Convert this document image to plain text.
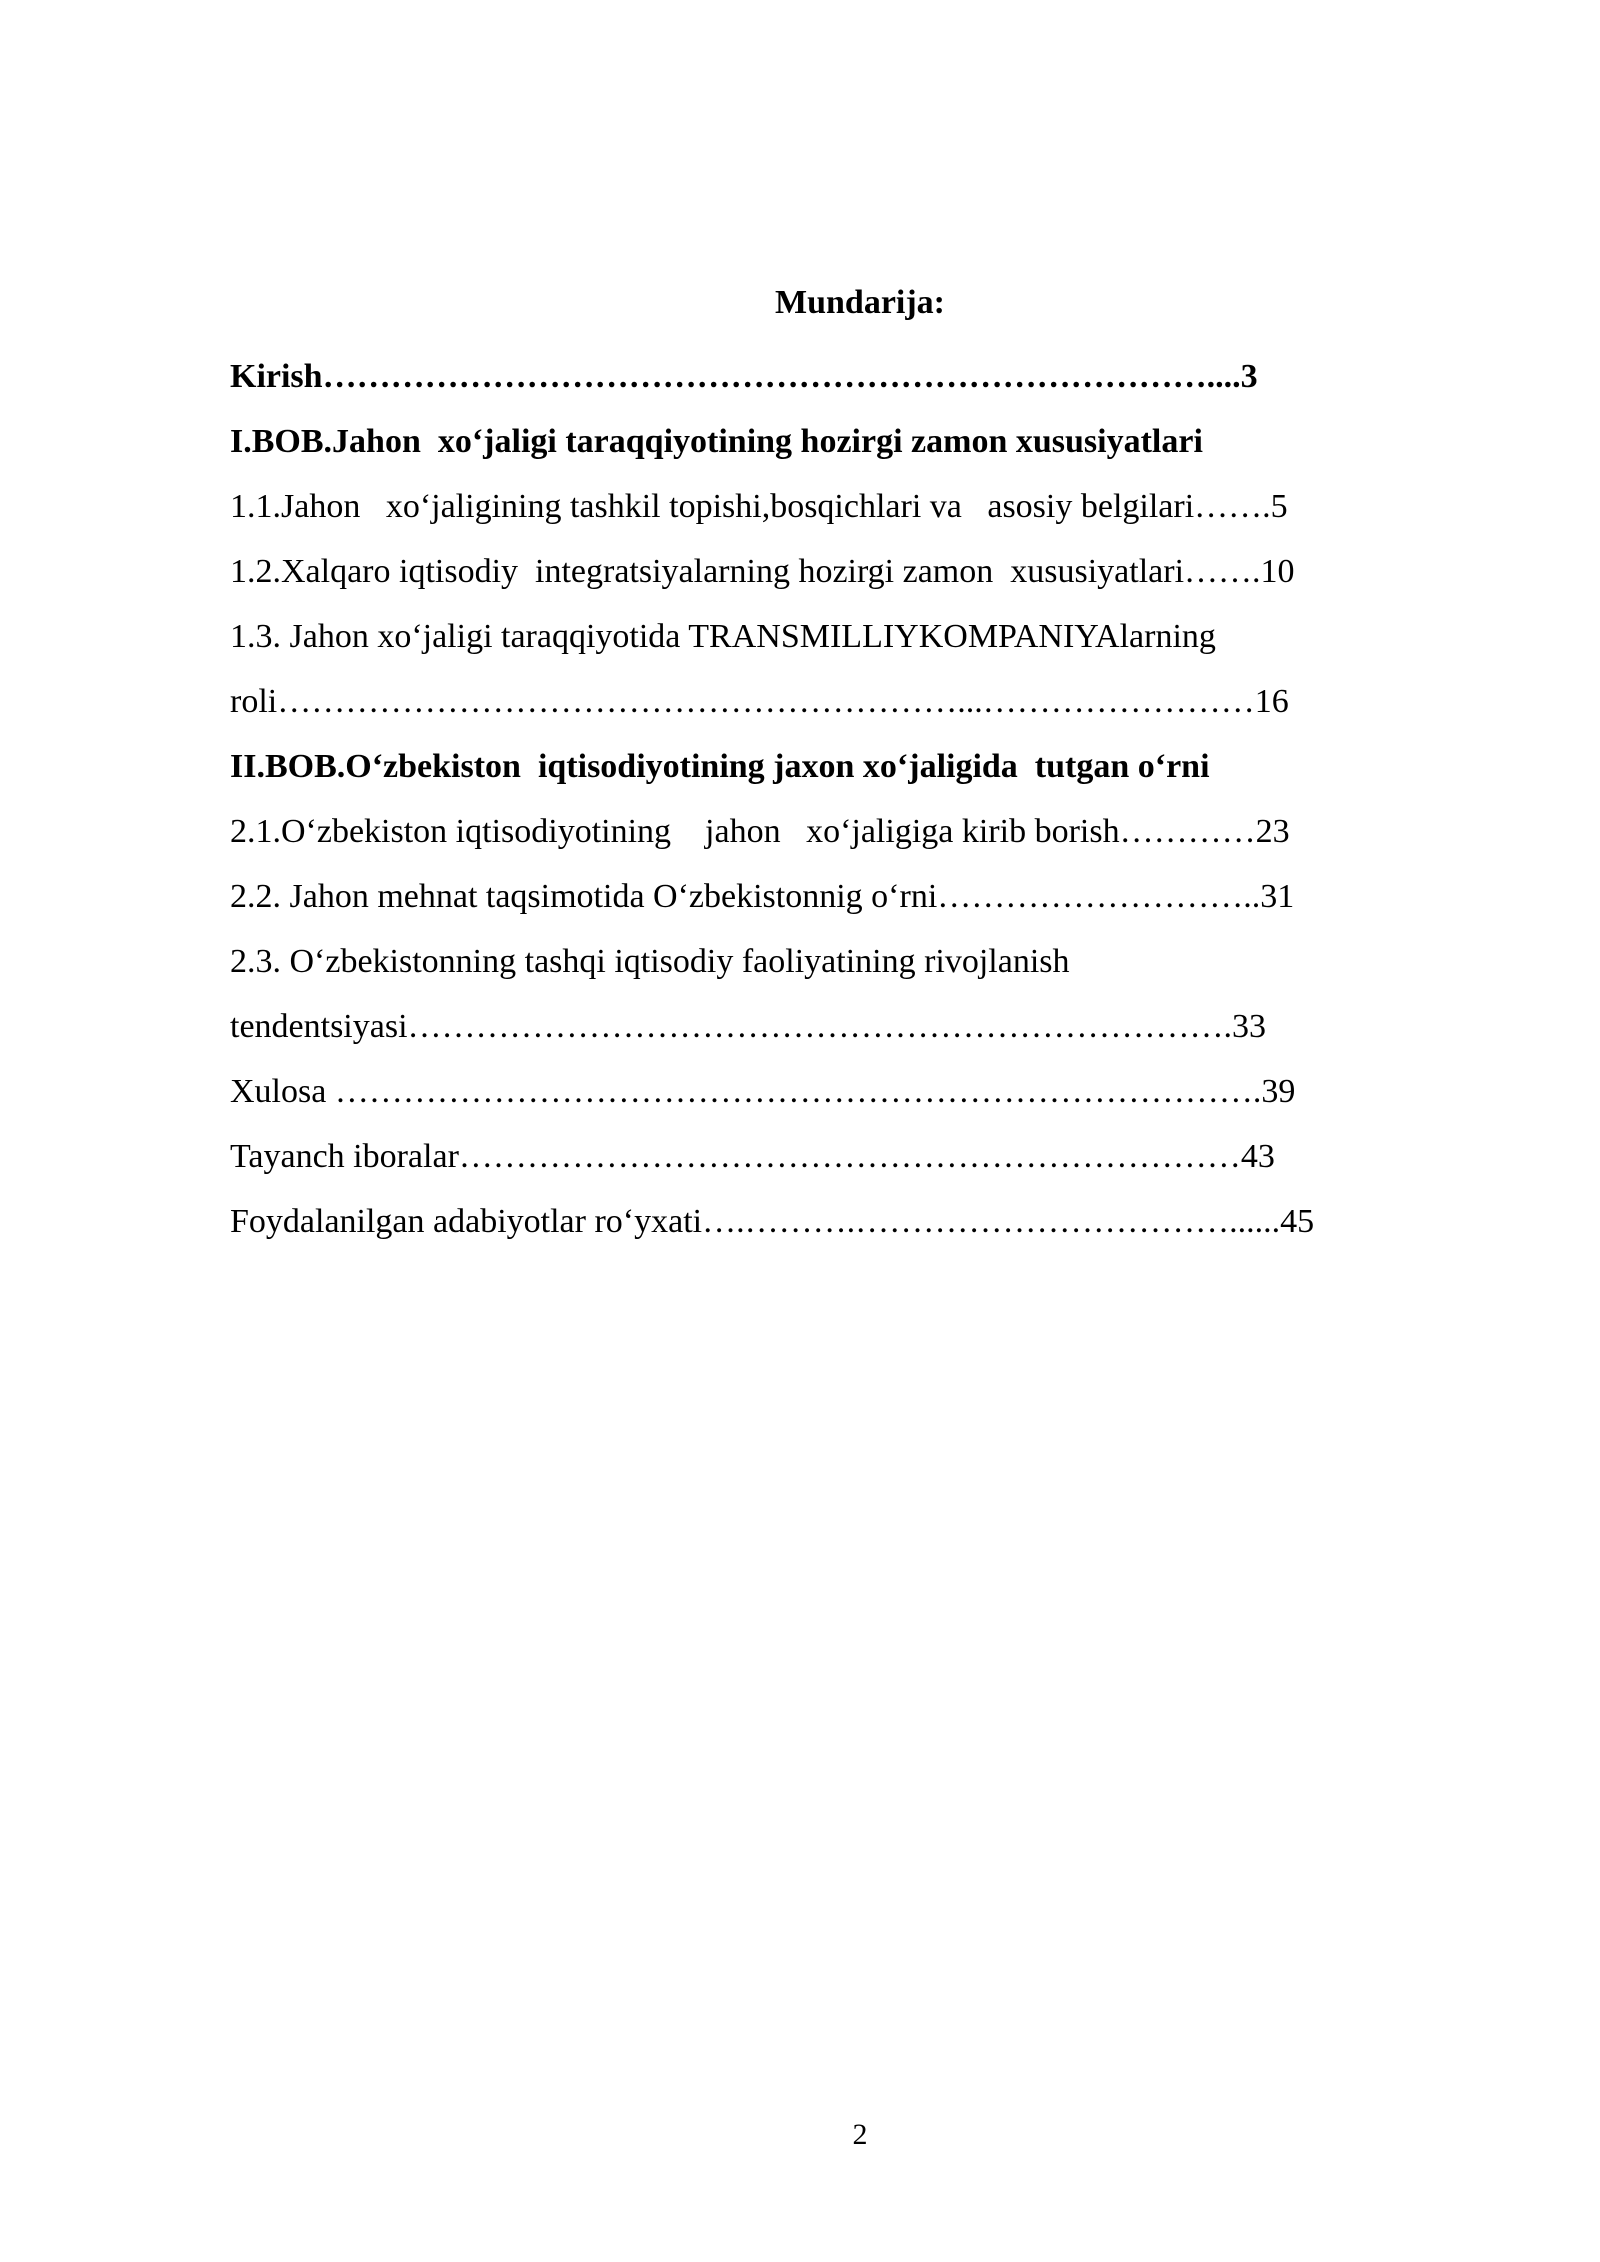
Mundarija:
Kirish……………………………………………………………………....3
I.BOB.Jahon  xo‘jaligi taraqqiyotining hozirgi zamon xususiyatlari
1.1.Jahon   xo‘jaligining tashkil topishi,bosqichlari va   asosiy belgilari…….5
1.2.Xalqaro iqtisodiy  integratsiyalarning hozirgi zamon  xususiyatlari…….10
1.3. Jahon xo‘jaligi taraqqiyotida TRANSMILLIYKOMPANIYAlarning
roli……………………………………………………...……………………16
II.BOB.O‘zbekiston  iqtisodiyotining jaxon xo‘jaligida  tutgan o‘rni
2.1.O‘zbekiston iqtisodiyotining    jahon   xo‘jaligiga kirib borish…………23
2.2. Jahon mehnat taqsimotida O‘zbekistonnig o‘rni………………………..31
2.3. O‘zbekistonning tashqi iqtisodiy faoliyatining rivojlanish
tendentsiyasi……………………………………………………………….33
Xulosa ……………………………………………………………………….39
Tayanch iboralar……………………………………………………………43
Foydalanilgan adabiyotlar ro‘yxati….……….……………………………......45
2
